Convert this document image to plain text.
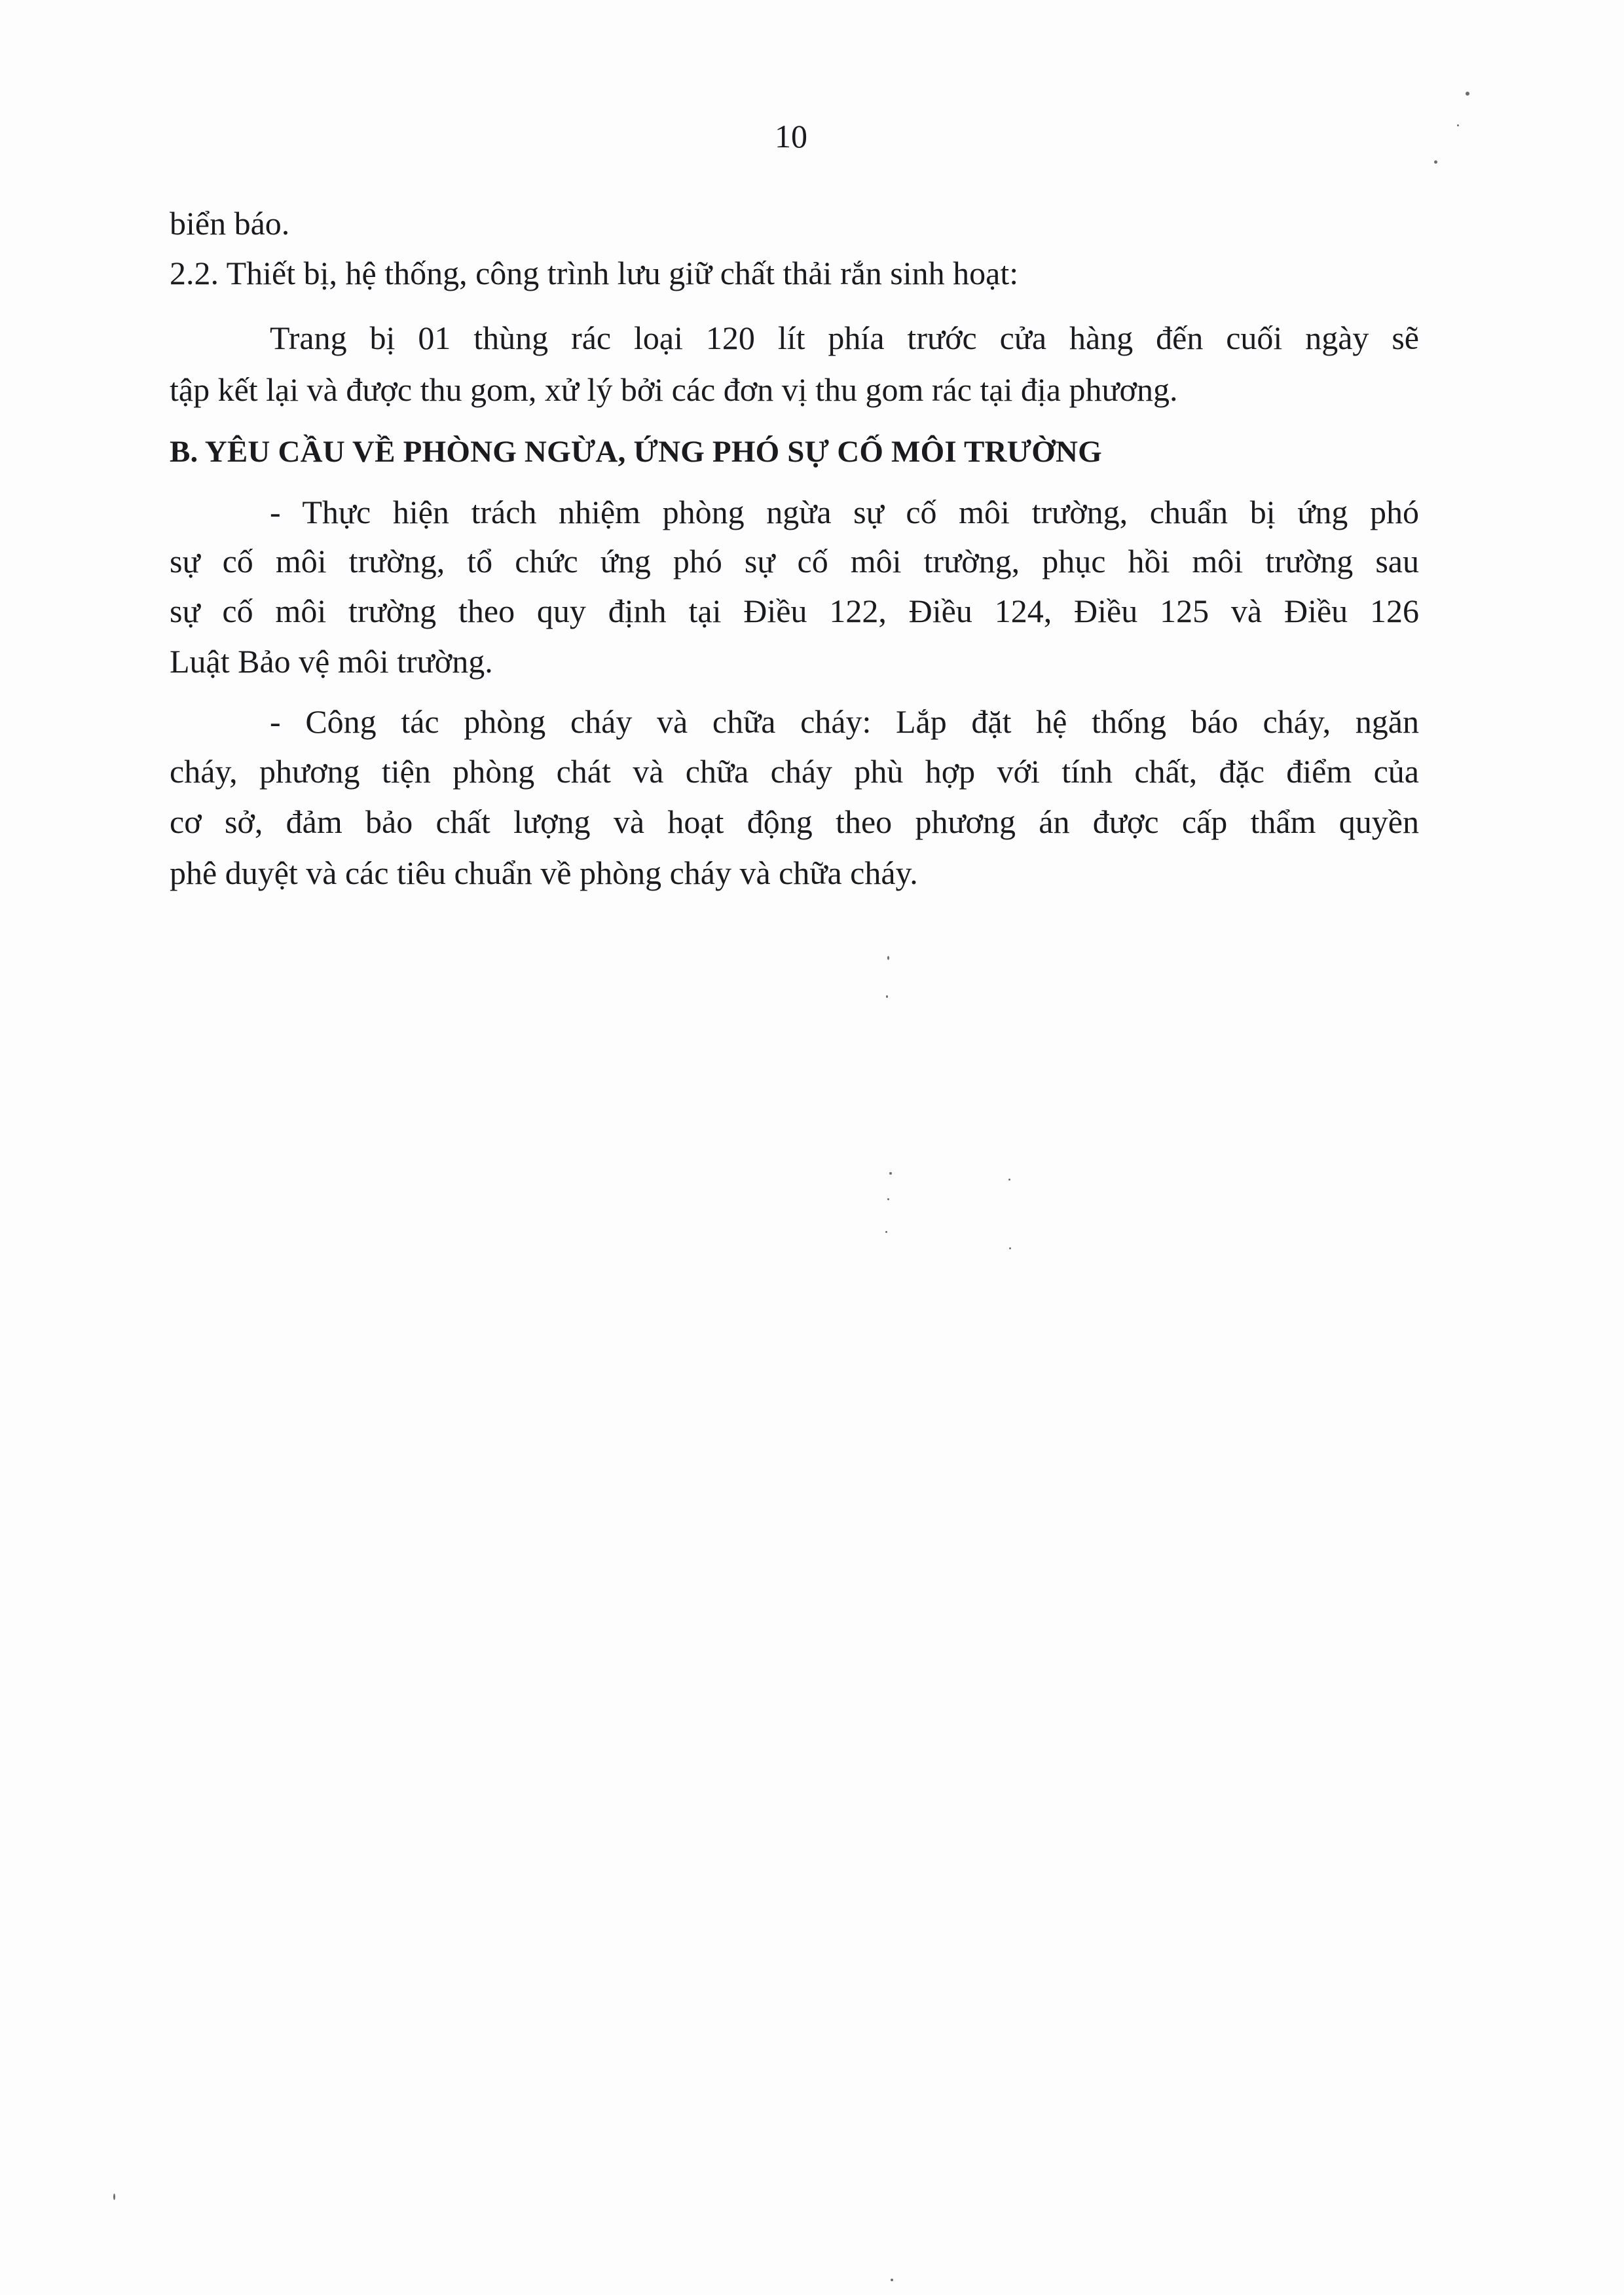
10
biển báo.
2.2. Thiết bị, hệ thống, công trình lưu giữ chất thải rắn sinh hoạt:
Trang bị 01 thùng rác loại 120 lít phía trước cửa hàng đến cuối ngày sẽ
tập kết lại và được thu gom, xử lý bởi các đơn vị thu gom rác tại địa phương.
B. YÊU CẦU VỀ PHÒNG NGỪA, ỨNG PHÓ SỰ CỐ MÔI TRƯỜNG
- Thực hiện trách nhiệm phòng ngừa sự cố môi trường, chuẩn bị ứng phó
sự cố môi trường, tổ chức ứng phó sự cố môi trường, phục hồi môi trường sau
sự cố môi trường theo quy định tại Điều 122, Điều 124, Điều 125 và Điều 126
Luật Bảo vệ môi trường.
- Công tác phòng cháy và chữa cháy: Lắp đặt hệ thống báo cháy, ngăn
cháy, phương tiện phòng chát và chữa cháy phù hợp với tính chất, đặc điểm của
cơ sở, đảm bảo chất lượng và hoạt động theo phương án được cấp thẩm quyền
phê duyệt và các tiêu chuẩn về phòng cháy và chữa cháy.
